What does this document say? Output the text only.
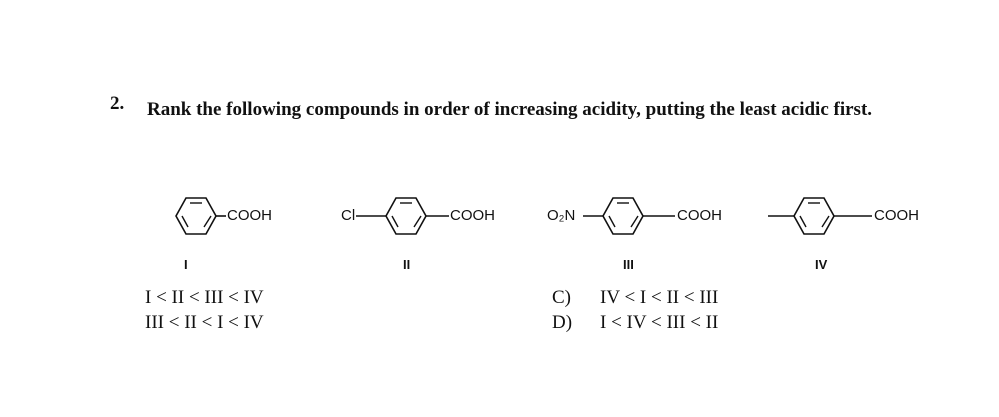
2. Rank the following compounds in order of increasing acidity, putting the least acidic first.
COOH
I
Cl	COOH
II
O₂N	COOH
III
COOH
IV
I < II < III < IV
III < II < I < IV
C) IV < I < II < III
D) I < IV < III < II
